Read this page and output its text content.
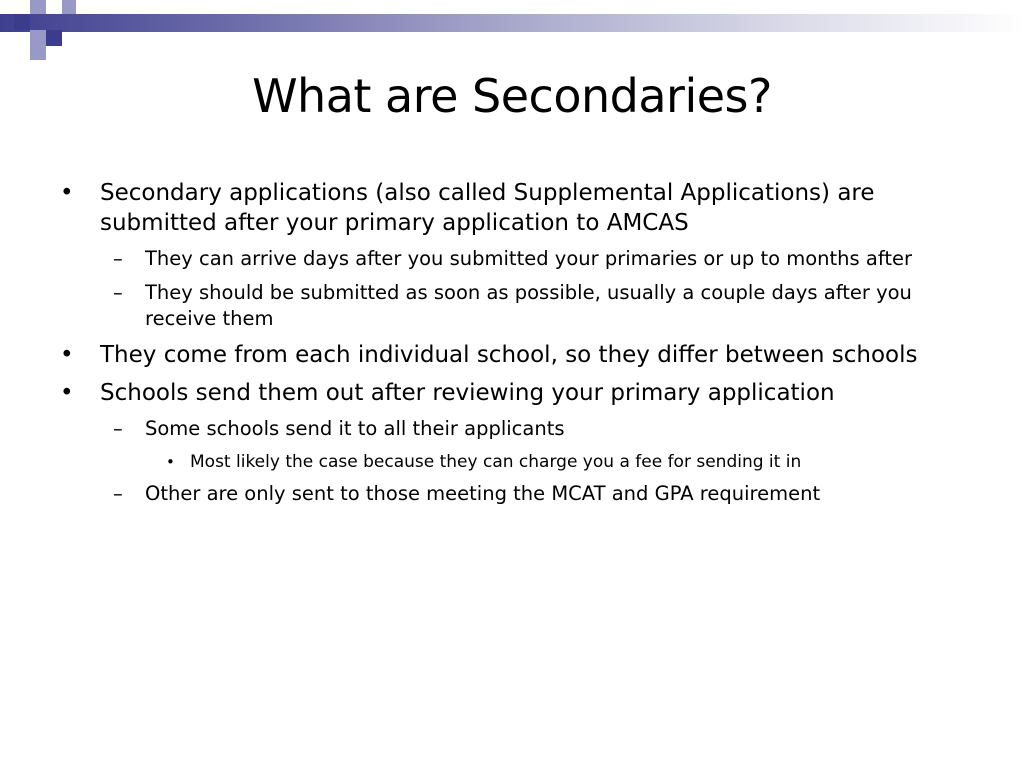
What are Secondaries?
• Secondary applications (also called Supplemental Applications) are submitted after your primary application to AMCAS
– They can arrive days after you submitted your primaries or up to months after
– They should be submitted as soon as possible, usually a couple days after you receive them
• They come from each individual school, so they differ between schools
• Schools send them out after reviewing your primary application
– Some schools send it to all their applicants
• Most likely the case because they can charge you a fee for sending it in
– Other are only sent to those meeting the MCAT and GPA requirement
